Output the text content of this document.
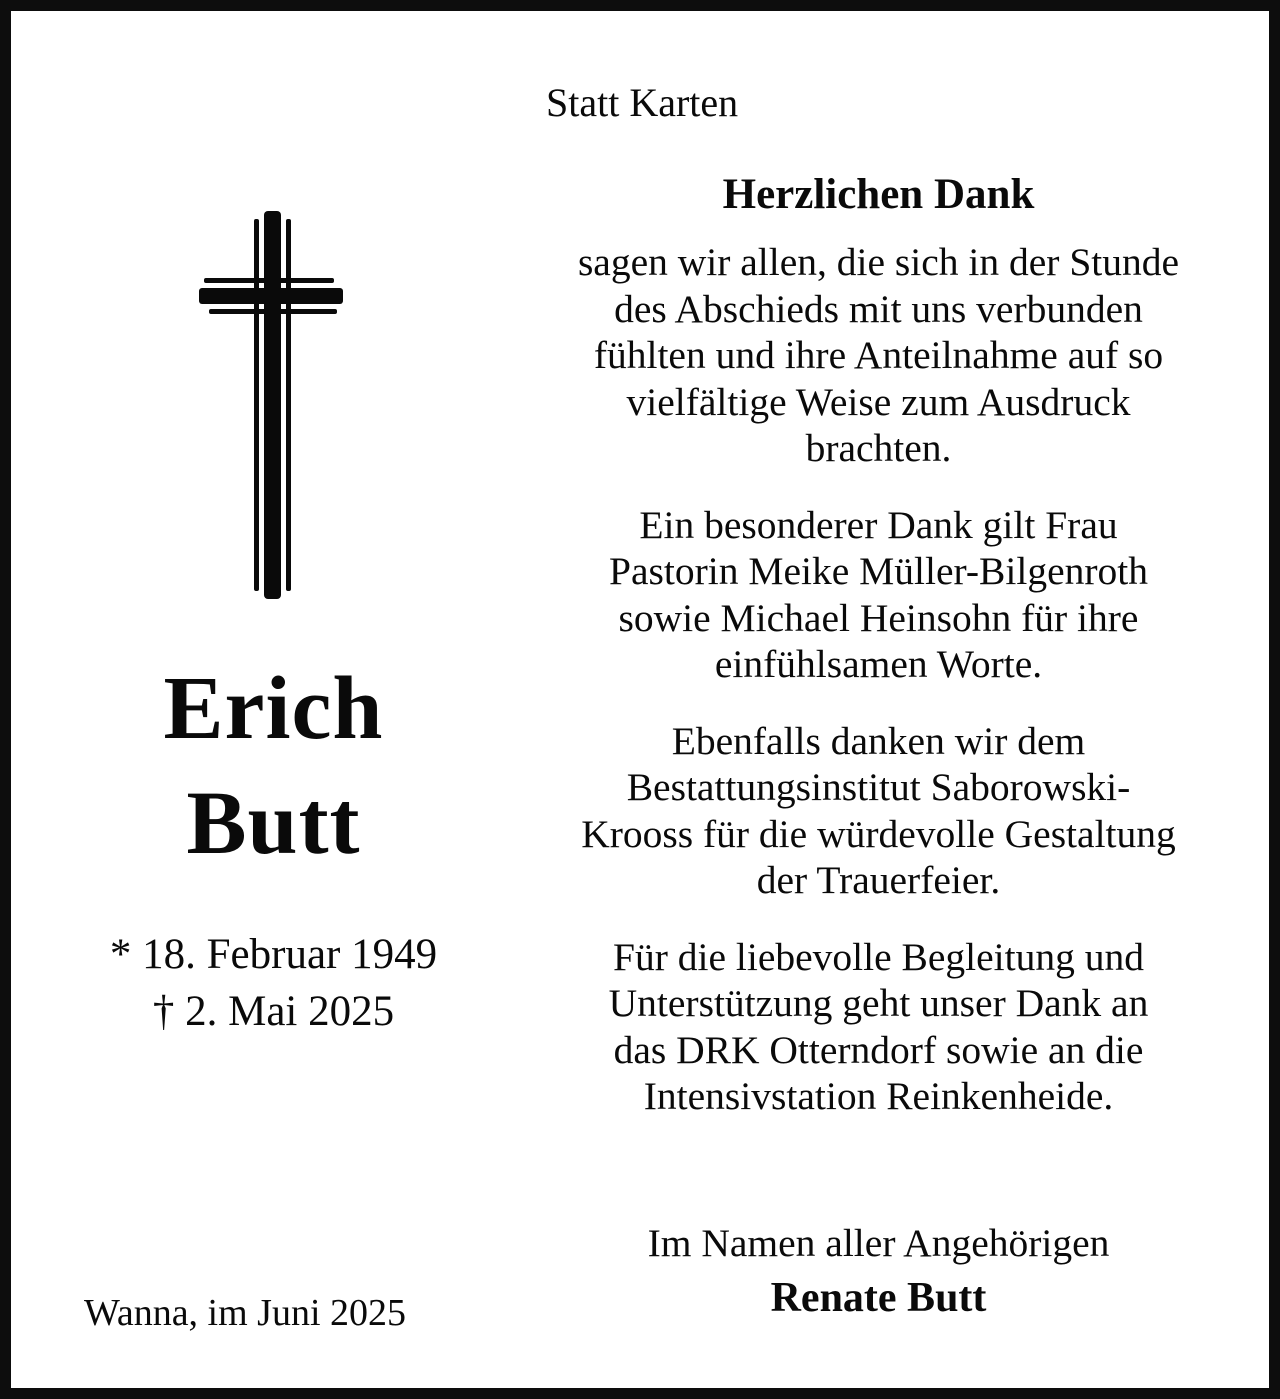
Statt Karten
Erich
Butt
* 18. Februar 1949
† 2. Mai 2025
Wanna, im Juni 2025
Herzlichen Dank
sagen wir allen, die sich in der Stunde
des Abschieds mit uns verbunden
fühlten und ihre Anteilnahme auf so
vielfältige Weise zum Ausdruck
brachten.
Ein besonderer Dank gilt Frau
Pastorin Meike Müller-Bilgenroth
sowie Michael Heinsohn für ihre
einfühlsamen Worte.
Ebenfalls danken wir dem
Bestattungsinstitut Saborowski-
Krooss für die würdevolle Gestaltung
der Trauerfeier.
Für die liebevolle Begleitung und
Unterstützung geht unser Dank an
das DRK Otterndorf sowie an die
Intensivstation Reinkenheide.
Im Namen aller Angehörigen
Renate Butt
